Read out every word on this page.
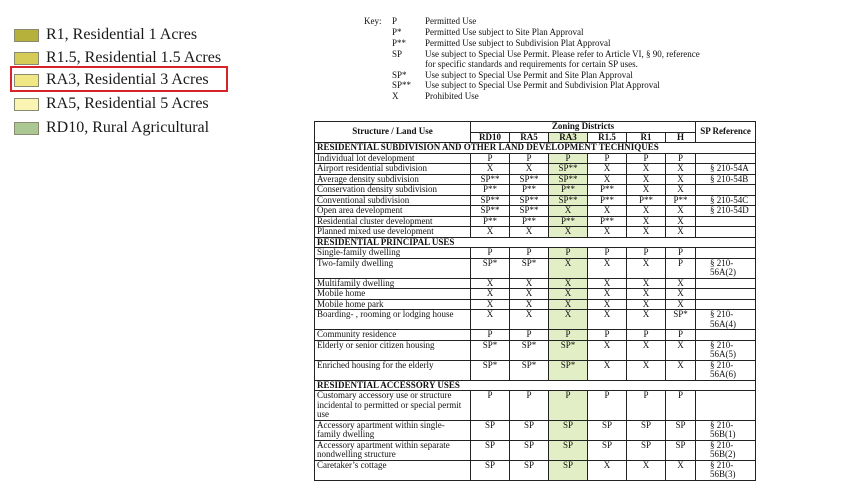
R1, Residential 1 Acres
R1.5, Residential 1.5 Acres
RA3, Residential 3 Acres
RA5, Residential 5 Acres
RD10, Rural Agricultural
Key: P	Permitted Use
P*	Permitted Use subject to Site Plan Approval
P** Permitted Use subject to Subdivision Plat Approval
SP	Use subject to Special Use Permit. Please refer to Article VI, § 90, reference
for specific standards and requirements for certain SP uses.
SP* Use subject to Special Use Permit and Site Plan Approval
SP** Use subject to Special Use Permit and Subdivision Plat Approval
X	Prohibited Use
Structure / Land Use	Zoning Districts						SP Reference
	RD10	RA5	RA3	R1.5	R1	H	
RESIDENTIAL SUBDIVISION AND OTHER LAND DEVELOPMENT TECHNIQUES							
Individual lot development	P	P	P	P	P	P	
Airport residential subdivision	X	X	SP**	X	X	X	§ 210-54A
Average density subdivision	SP**	SP**	SP**	X	X	X	§ 210-54B
Conservation density subdivision	P**	P**	P**	P**	X	X	
Conventional subdivision	SP**	SP**	SP**	P**	P**	P**	§ 210-54C
Open area development	SP**	SP**	X	X	X	X	§ 210-54D
Residential cluster development	P**	P**	P**	P**	X	X	
Planned mixed use development	X	X	X	X	X	X	
RESIDENTIAL PRINCIPAL USES							
Single-family dwelling	P	P	P	P	P	P	
Two-family dwelling	SP*	SP*	X	X	X	P	§ 210-56A(2)
Multifamily dwelling	X	X	X	X	X	X	
Mobile home	X	X	X	X	X	X	
Mobile home park	X	X	X	X	X	X	
Boarding- , rooming or lodging house	X	X	X	X	X	SP*	§ 210-56A(4)
Community residence	P	P	P	P	P	P	
Elderly or senior citizen housing	SP*	SP*	SP*	X	X	X	§ 210-56A(5)
Enriched housing for the elderly	SP*	SP*	SP*	X	X	X	§ 210-56A(6)
RESIDENTIAL ACCESSORY USES							
Customary accessory use or structure incidental to permitted or special permit use	P	P	P	P	P	P	
Accessory apartment within single-family dwelling	SP	SP	SP	SP	SP	SP	§ 210-56B(1)
Accessory apartment within separate nondwelling structure	SP	SP	SP	SP	SP	SP	§ 210-56B(2)
Caretaker’s cottage	SP	SP	SP	X	X	X	§ 210-56B(3)
